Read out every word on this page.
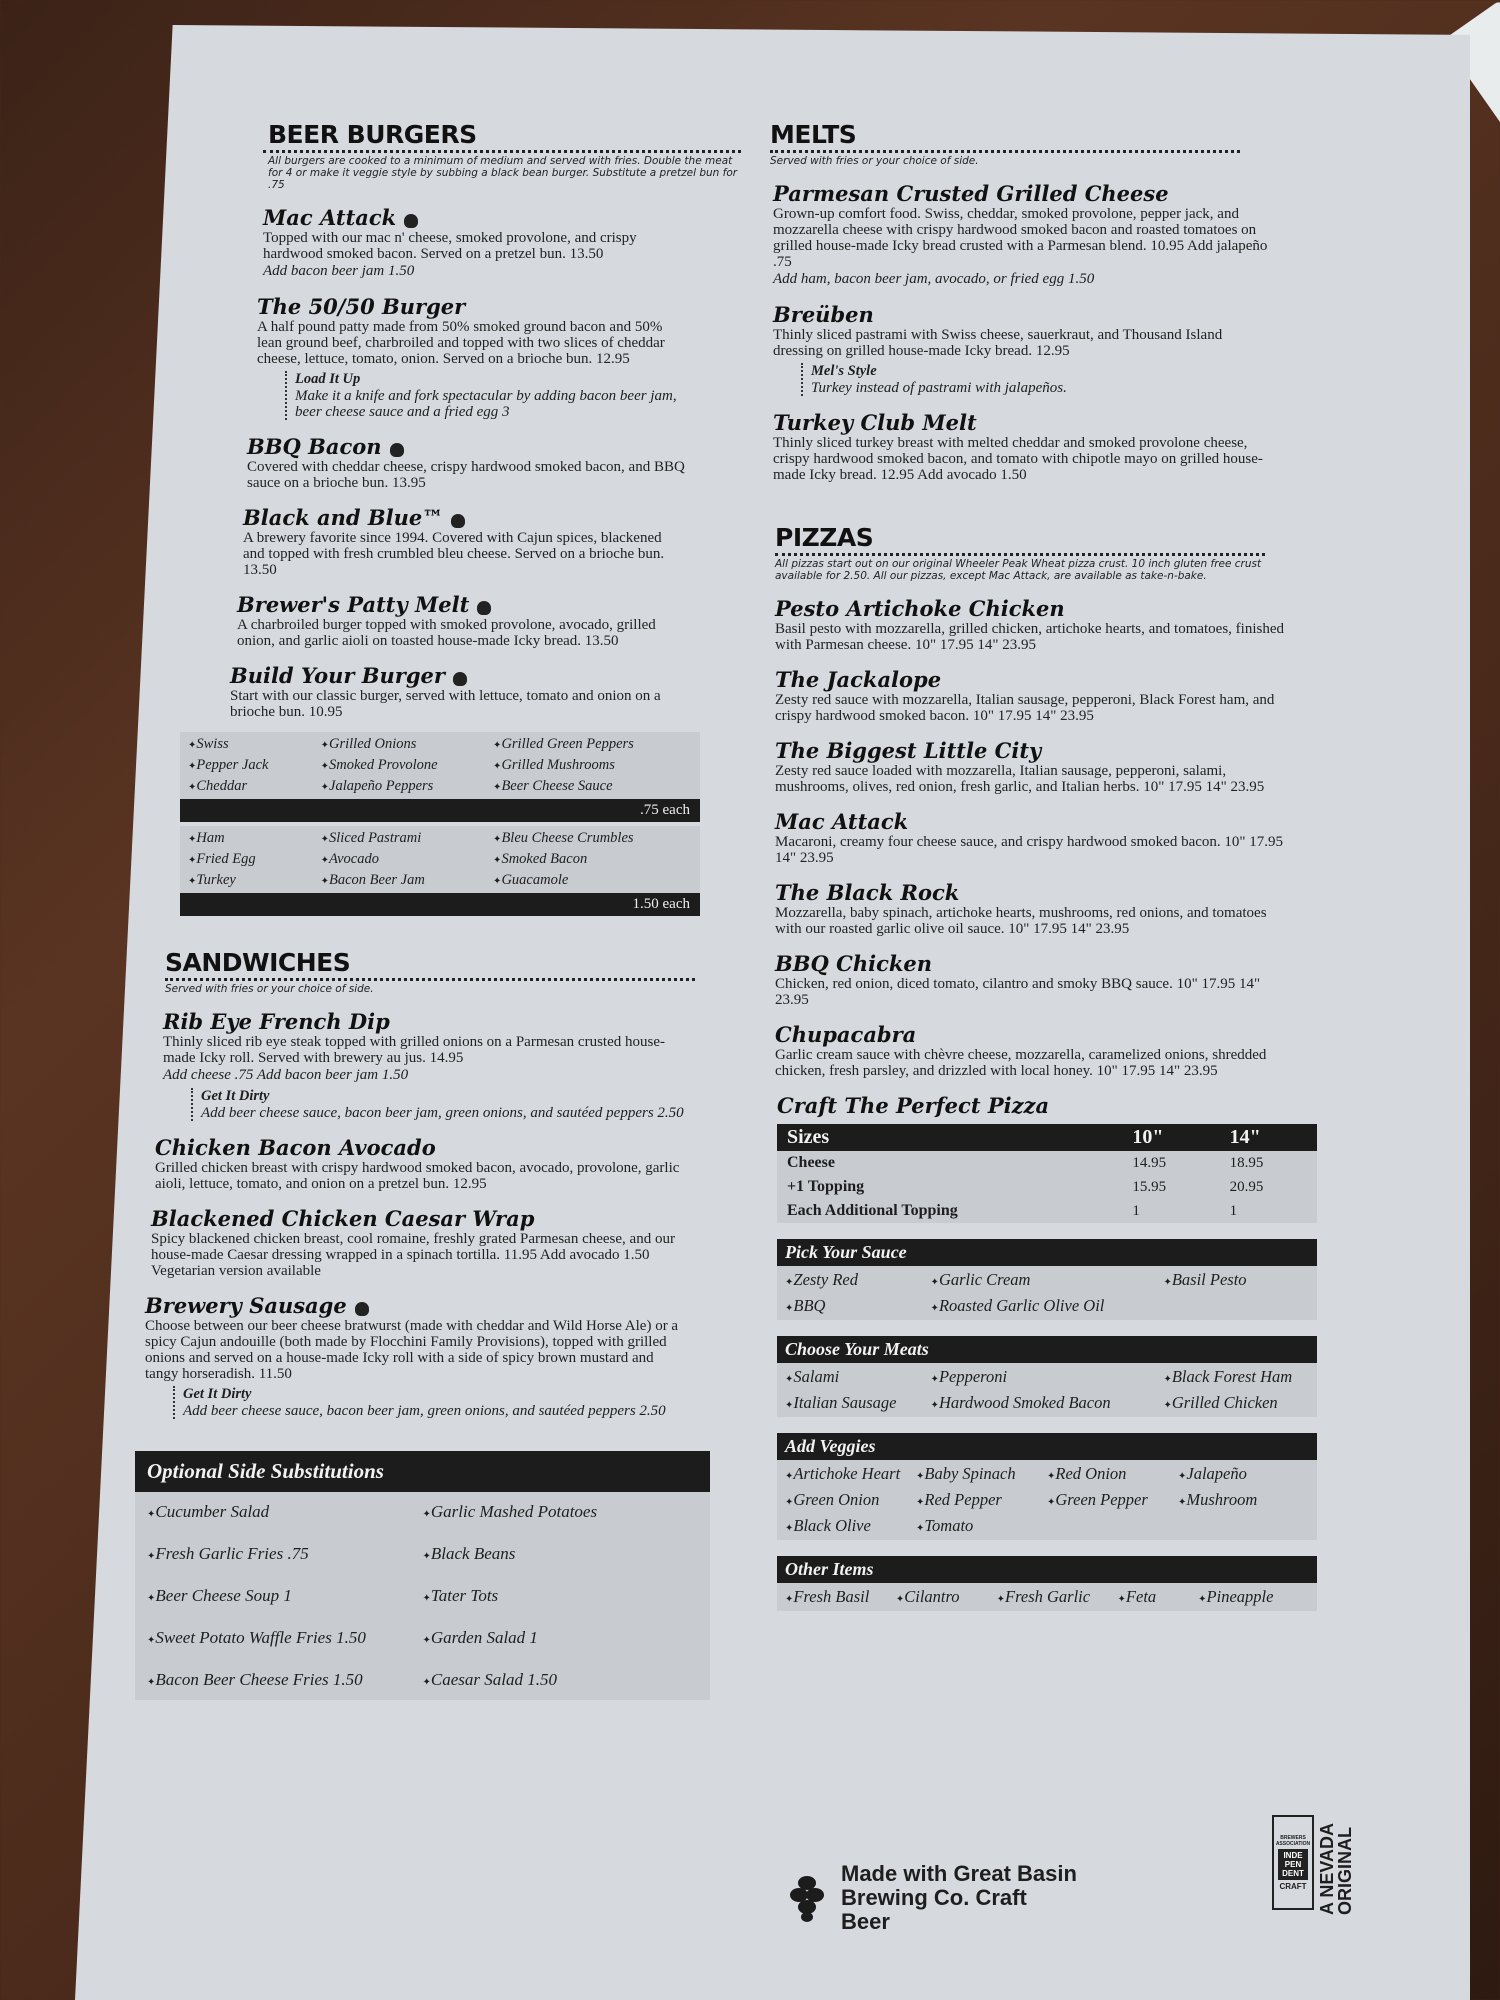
BEER BURGERS
All burgers are cooked to a minimum of medium and served with fries. Double the meat for 4 or make it veggie style by subbing a black bean burger. Substitute a pretzel bun for .75
Mac Attack
Topped with our mac n' cheese, smoked provolone, and crispy hardwood smoked bacon. Served on a pretzel bun. 13.50
Add bacon beer jam 1.50
The 50/50 Burger
A half pound patty made from 50% smoked ground bacon and 50% lean ground beef, charbroiled and topped with two slices of cheddar cheese, lettuce, tomato, onion. Served on a brioche bun. 12.95
Load It Up
Make it a knife and fork spectacular by adding bacon beer jam, beer cheese sauce and a fried egg 3
BBQ Bacon
Covered with cheddar cheese, crispy hardwood smoked bacon, and BBQ sauce on a brioche bun. 13.95
Black and Blue™
A brewery favorite since 1994. Covered with Cajun spices, blackened and topped with fresh crumbled bleu cheese. Served on a brioche bun. 13.50
Brewer's Patty Melt
A charbroiled burger topped with smoked provolone, avocado, grilled onion, and garlic aioli on toasted house-made Icky bread. 13.50
Build Your Burger
Start with our classic burger, served with lettuce, tomato and onion on a brioche bun. 10.95
✦ Swiss	✦ Grilled Onions	✦ Grilled Green Peppers
✦ Pepper Jack	✦ Smoked Provolone	✦ Grilled Mushrooms
✦ Cheddar	✦ Jalapeño Peppers	✦ Beer Cheese Sauce
.75 each
✦ Ham	✦ Sliced Pastrami	✦ Bleu Cheese Crumbles
✦ Fried Egg	✦ Avocado	✦ Smoked Bacon
✦ Turkey	✦ Bacon Beer Jam	✦ Guacamole
1.50 each
SANDWICHES
Served with fries or your choice of side.
Rib Eye French Dip
Thinly sliced rib eye steak topped with grilled onions on a Parmesan crusted house-made Icky roll. Served with brewery au jus. 14.95
Add cheese .75 Add bacon beer jam 1.50
Get It Dirty
Add beer cheese sauce, bacon beer jam, green onions, and sautéed peppers 2.50
Chicken Bacon Avocado
Grilled chicken breast with crispy hardwood smoked bacon, avocado, provolone, garlic aioli, lettuce, tomato, and onion on a pretzel bun. 12.95
Blackened Chicken Caesar Wrap
Spicy blackened chicken breast, cool romaine, freshly grated Parmesan cheese, and our house-made Caesar dressing wrapped in a spinach tortilla. 11.95 Add avocado 1.50 Vegetarian version available
Brewery Sausage
Choose between our beer cheese bratwurst (made with cheddar and Wild Horse Ale) or a spicy Cajun andouille (both made by Flocchini Family Provisions), topped with grilled onions and served on a house-made Icky roll with a side of spicy brown mustard and tangy horseradish. 11.50
Get It Dirty
Add beer cheese sauce, bacon beer jam, green onions, and sautéed peppers 2.50
Optional Side Substitutions
✦ Cucumber Salad	✦ Garlic Mashed Potatoes
✦ Fresh Garlic Fries .75	✦ Black Beans
✦ Beer Cheese Soup 1	✦ Tater Tots
✦ Sweet Potato Waffle Fries 1.50	✦ Garden Salad 1
✦ Bacon Beer Cheese Fries 1.50	✦ Caesar Salad 1.50
MELTS
Served with fries or your choice of side.
Parmesan Crusted Grilled Cheese
Grown-up comfort food. Swiss, cheddar, smoked provolone, pepper jack, and mozzarella cheese with crispy hardwood smoked bacon and roasted tomatoes on grilled house-made Icky bread crusted with a Parmesan blend. 10.95 Add jalapeño .75
Add ham, bacon beer jam, avocado, or fried egg 1.50
Breüben
Thinly sliced pastrami with Swiss cheese, sauerkraut, and Thousand Island dressing on grilled house-made Icky bread. 12.95
Mel's Style
Turkey instead of pastrami with jalapeños.
Turkey Club Melt
Thinly sliced turkey breast with melted cheddar and smoked provolone cheese, crispy hardwood smoked bacon, and tomato with chipotle mayo on grilled house-made Icky bread. 12.95 Add avocado 1.50
PIZZAS
All pizzas start out on our original Wheeler Peak Wheat pizza crust. 10 inch gluten free crust available for 2.50. All our pizzas, except Mac Attack, are available as take-n-bake.
Pesto Artichoke Chicken
Basil pesto with mozzarella, grilled chicken, artichoke hearts, and tomatoes, finished with Parmesan cheese. 10" 17.95 14" 23.95
The Jackalope
Zesty red sauce with mozzarella, Italian sausage, pepperoni, Black Forest ham, and crispy hardwood smoked bacon. 10" 17.95 14" 23.95
The Biggest Little City
Zesty red sauce loaded with mozzarella, Italian sausage, pepperoni, salami, mushrooms, olives, red onion, fresh garlic, and Italian herbs. 10" 17.95 14" 23.95
Mac Attack
Macaroni, creamy four cheese sauce, and crispy hardwood smoked bacon. 10" 17.95 14" 23.95
The Black Rock
Mozzarella, baby spinach, artichoke hearts, mushrooms, red onions, and tomatoes with our roasted garlic olive oil sauce. 10" 17.95 14" 23.95
BBQ Chicken
Chicken, red onion, diced tomato, cilantro and smoky BBQ sauce. 10" 17.95 14" 23.95
Chupacabra
Garlic cream sauce with chèvre cheese, mozzarella, caramelized onions, shredded chicken, fresh parsley, and drizzled with local honey. 10" 17.95 14" 23.95
Craft The Perfect Pizza
Sizes	10"	14"
Cheese	14.95	18.95
+1 Topping	15.95	20.95
Each Additional Topping	1	1
Pick Your Sauce
✦ Zesty Red	✦ Garlic Cream	✦ Basil Pesto
✦ BBQ	✦ Roasted Garlic Olive Oil
Choose Your Meats
✦ Salami	✦ Pepperoni	✦ Black Forest Ham
✦ Italian Sausage	✦ Hardwood Smoked Bacon	✦ Grilled Chicken
Add Veggies
✦ Artichoke Heart	✦ Baby Spinach	✦ Red Onion	✦ Jalapeño
✦ Green Onion	✦ Red Pepper	✦ Green Pepper	✦ Mushroom
✦ Black Olive	✦ Tomato
Other Items
✦ Fresh Basil	✦ Cilantro	✦ Fresh Garlic	✦ Feta	✦ Pineapple
Made with Great Basin Brewing Co. Craft Beer
BREWERS ASSOCIATION
INDE PEN DENT
CRAFT A NEVADA ORIGINAL
